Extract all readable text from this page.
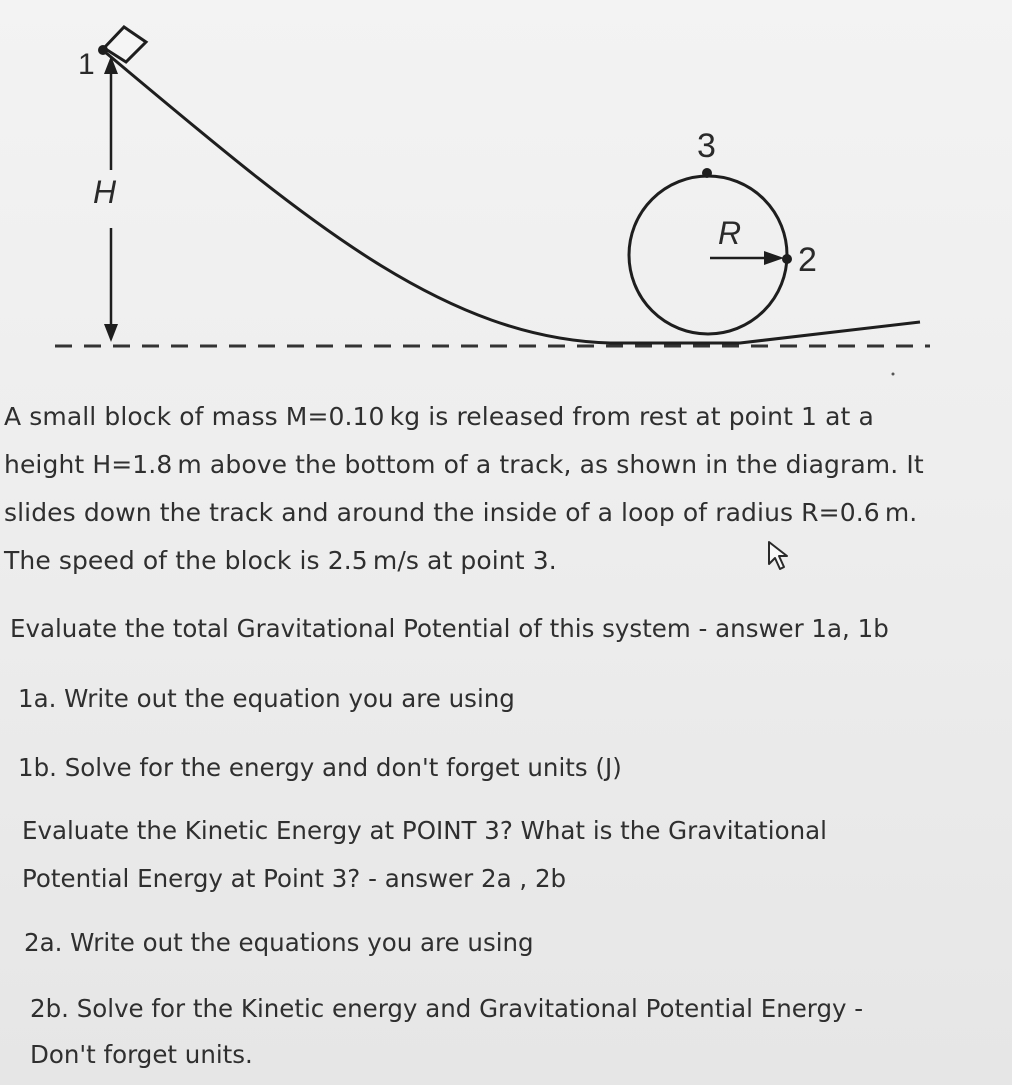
1
H
3
R
2

A small block of mass M=0.10 kg is released from rest at point 1 at a

height H=1.8 m above the bottom of a track, as shown in the diagram. It

slides down the track and around the inside of a loop of radius R=0.6 m.

The speed of the block is 2.5 m/s at point 3.

Evaluate the total Gravitational Potential of this system - answer 1a, 1b

1a. Write out the equation you are using

1b. Solve for the energy and don't forget units (J)

Evaluate the Kinetic Energy at POINT 3? What is the Gravitational

Potential Energy at Point 3? - answer 2a , 2b

2a. Write out the equations you are using

2b. Solve for the Kinetic energy and Gravitational Potential Energy -

Don't forget units.
